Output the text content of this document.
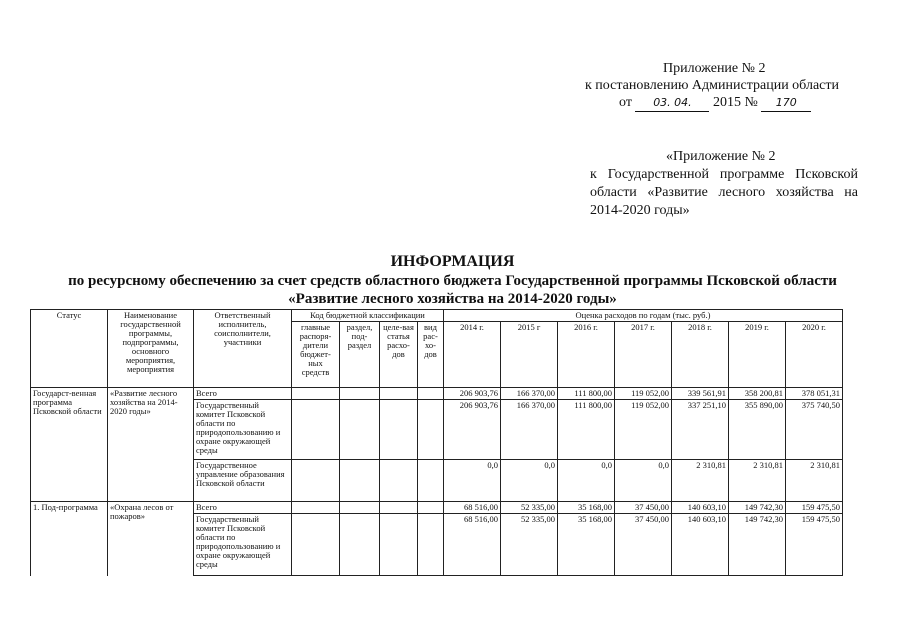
Приложение № 2
к постановлению Администрации области
от 03. 04. 2015 № 170
«Приложение № 2
к Государственной программе Псковской области «Развитие лесного хозяйства на 2014-2020 годы»
ИНФОРМАЦИЯ
по ресурсному обеспечению за счет средств областного бюджета Государственной программы Псковской области
«Развитие лесного хозяйства на 2014-2020 годы»
Статус	Наименование государственной программы, подпрограммы, основного мероприятия, мероприятия	Ответственный исполнитель, соисполнители, участники	Код бюджетной классификации				Оценка расходов по годам (тыс. руб.)						
			главные распоря-дители бюджет-ных средств	раздел, под-раздел	целе-вая статья расхо-дов	вид рас-хо-дов	2014 г.	2015 г	2016 г.	2017 г.	2018 г.	2019 г.	2020 г.
Государст-венная программа Псковской области	«Развитие лесного хозяйства на 2014-2020 годы»	Всего					206 903,76	166 370,00	111 800,00	119 052,00	339 561,91	358 200,81	378 051,31
		Государственный комитет Псковской области по природопользованию и охране окружающей среды					206 903,76	166 370,00	111 800,00	119 052,00	337 251,10	355 890,00	375 740,50
		Государственное управление образования Псковской области					0,0	0,0	0,0	0,0	2 310,81	2 310,81	2 310,81
1. Под-программа	«Охрана лесов от пожаров»	Всего					68 516,00	52 335,00	35 168,00	37 450,00	140 603,10	149 742,30	159 475,50
		Государственный комитет Псковской области по природопользованию и охране окружающей среды					68 516,00	52 335,00	35 168,00	37 450,00	140 603,10	149 742,30	159 475,50
